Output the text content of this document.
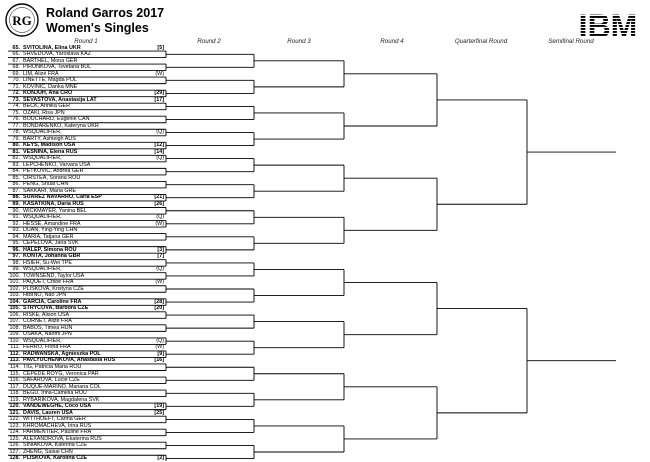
RG Roland Garros 2017
Women's Singles	IBM
Round 1	Round 2	Round 3	Round 4	Quarterfinal Round	Semifinal Round
65. SVITOLINA, Elina UKR	[5]
66. SHVEDOVA, Yaroslava KAZ
67. BARTHEL, Mona GER
68. PIRONKOVA, Tsvetana BUL
69. LIM, Alizé FRA	(W)
70. LINETTE, Magda POL
71. KOVINIC, Danka MNE
72. KONJUH, Ana CRO	[29]
73. SEVASTOVA, Anastasija LAT	[17]
74. BECK, Annika GER
75. OZAKI, Risa JPN
76. BOUCHARD, Eugenie CAN
77. BONDARENKO, Kateryna UKR
78. WSQUALIFIER,	(Q)
79. BARTY, Ashleigh AUS
80. KEYS, Madison USA	[12]
81. VESNINA, Elena RUS	[14]
82. WSQUALIFIER,	(Q)
83. LEPCHENKO, Varvara USA
84. PETKOVIC, Andrea GER
85. CIRSTEA, Sorana ROU
86. PENG, Shuai CHN
87. SAKKARI, Maria GRE
88. SUAREZ NAVARRO, Carla ESP	[21]
89. KASATKINA, Daria RUS	[26]
90. WICKMAYER, Yanina BEL
91. WSQUALIFIER,	(Q)
92. HESSE, Amandine FRA	(W)
93. DUAN, Ying-Ying CHN
94. MARIA, Tatjana GER
95. CEPELOVA, Jana SVK
96. HALEP, Simona ROU	[3]
97. KONTA, Johanna GBR	[7]
98. HSIEH, Su-Wei TPE
99. WSQUALIFIER,	(Q)
100. TOWNSEND, Taylor USA
101. PAQUET, Chloe FRA	(W)
102. PLISKOVA, Kristyna CZE
103. HIBINO, Nao JPN
104. GARCIA, Caroline FRA	[28]
105. STRYCOVA, Barbora CZE	[20]
106. RISKE, Alison USA
107. CORNET, Alizé FRA
108. BABOS, Timea HUN
109. OSAKA, Naomi JPN
110. WSQUALIFIER,	(Q)
111. FERRO, Fiona FRA	(W)
112. RADWANSKA, Agnieszka POL	[9]
113. PAVLYUCHENKOVA, Anastasia RUS	[16]
114. TIG, Patricia Maria ROU
115. CEPEDE ROYG, Veronica PAR
116. SAFAROVA, Lucie CZE
117. DUQUE-MARINO, Mariana COL
118. BEGU, Irina-Camelia ROU
119. RYBARIKOVA, Magdalena SVK
120. VANDEWEGHE, Coco USA	[19]
121. DAVIS, Lauren USA	[25]
122. WITTHOEFT, Carina GER
123. KHROMACHEVA, Irina RUS
124. PARMENTIER, Pauline FRA
125. ALEXANDROVA, Ekaterina RUS
126. SINIAKOVA, Katerina CZE
127. ZHENG, Saisai CHN
128. PLISKOVA, Karolina CZE	[2]
